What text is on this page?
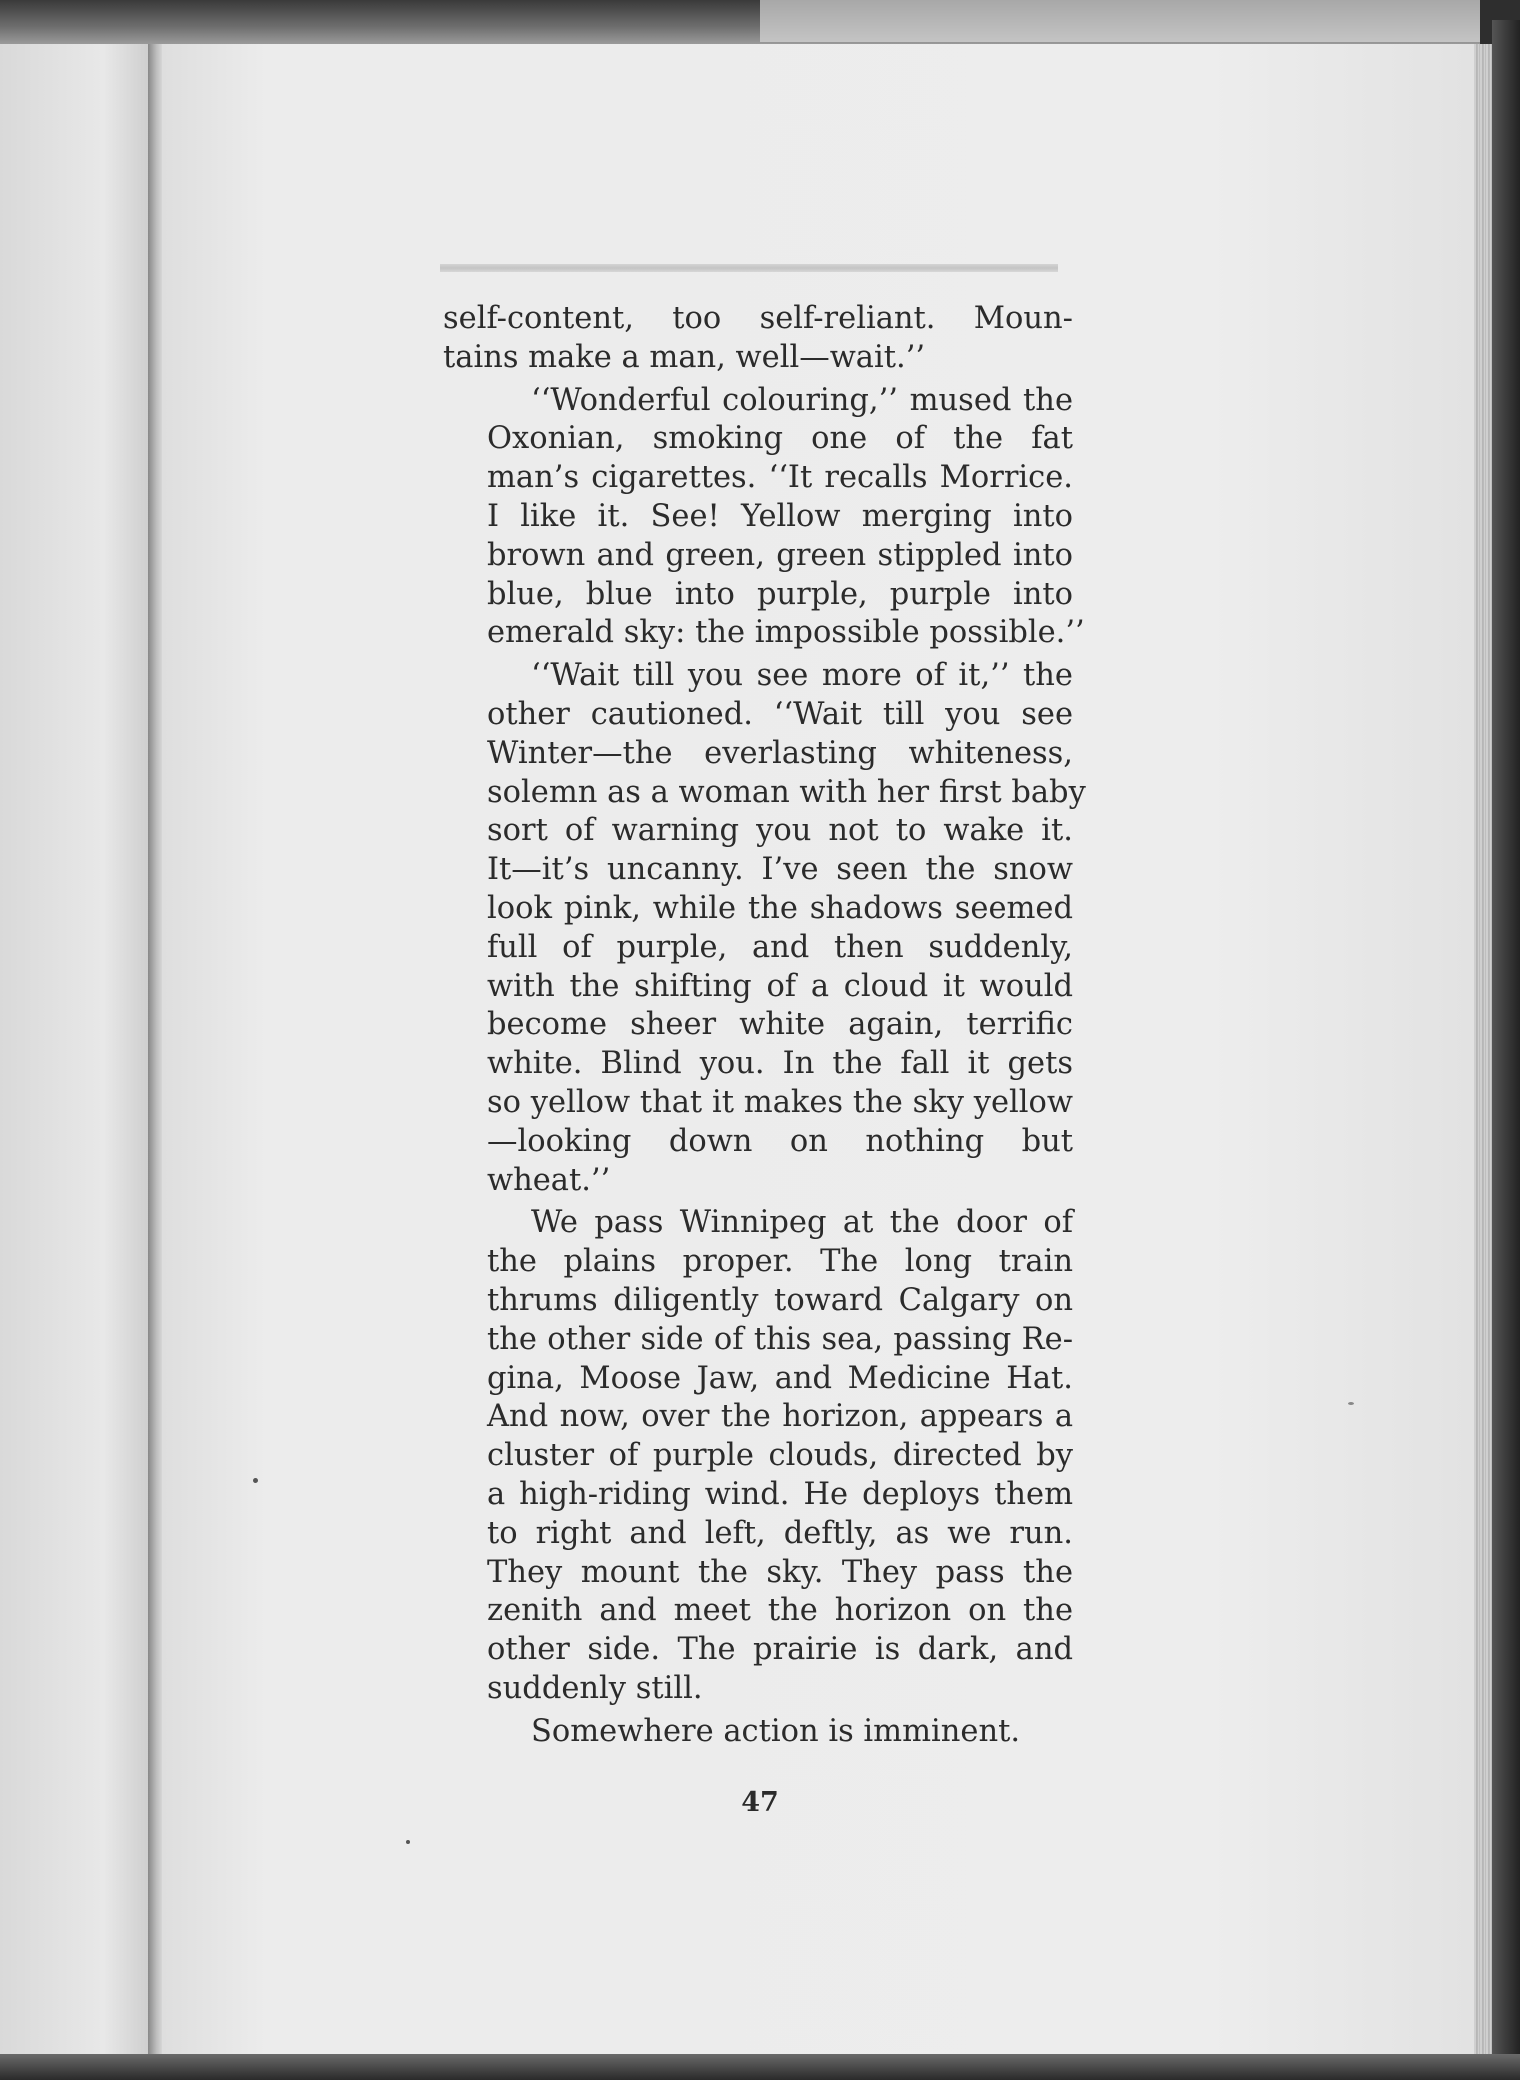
self-content, too self-reliant. Moun-
tains make a man, well—wait.’’
‘‘Wonderful colouring,’’ mused the
Oxonian, smoking one of the fat
man’s cigarettes. ‘‘It recalls Morrice.
I like it. See! Yellow merging into
brown and green, green stippled into
blue, blue into purple, purple into
emerald sky: the impossible possible.’’
‘‘Wait till you see more of it,’’ the
other cautioned. ‘‘Wait till you see
Winter—the everlasting whiteness,
solemn as a woman with her first baby
sort of warning you not to wake it.
It—it’s uncanny. I’ve seen the snow
look pink, while the shadows seemed
full of purple, and then suddenly,
with the shifting of a cloud it would
become sheer white again, terrific
white. Blind you. In the fall it gets
so yellow that it makes the sky yellow
—looking down on nothing but
wheat.’’
We pass Winnipeg at the door of
the plains proper. The long train
thrums diligently toward Calgary on
the other side of this sea, passing Re-
gina, Moose Jaw, and Medicine Hat.
And now, over the horizon, appears a
cluster of purple clouds, directed by
a high-riding wind. He deploys them
to right and left, deftly, as we run.
They mount the sky. They pass the
zenith and meet the horizon on the
other side. The prairie is dark, and
suddenly still.
Somewhere action is imminent.
47
